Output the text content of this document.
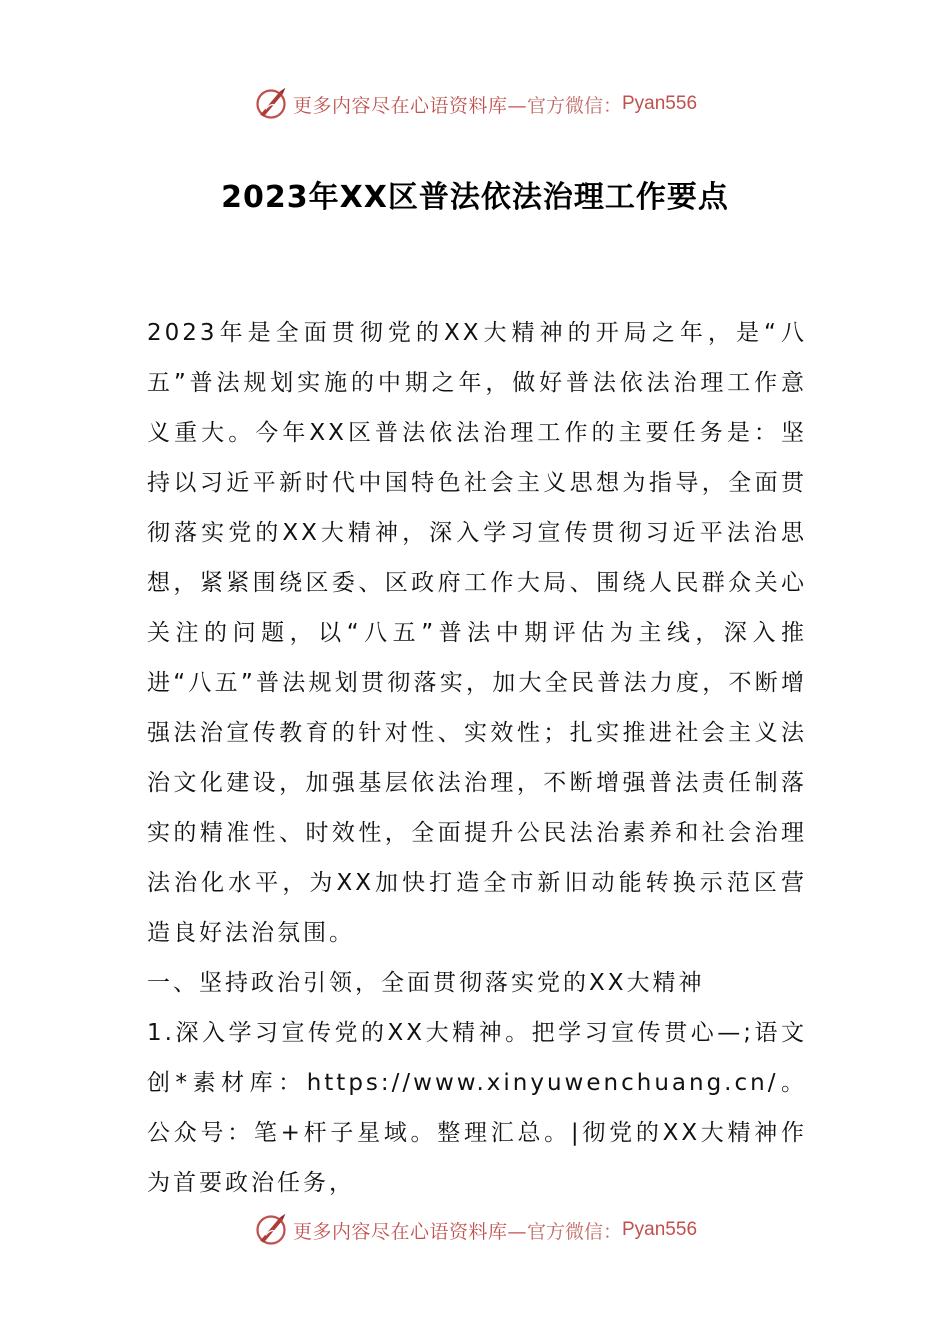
更多内容尽在心语资料库— 官方微信： Pyan556
2023年XX区普法依法治理工作要点

2023年是全面贯彻党的XX大精神的开局之年，是“八五”普法规划实施的中期之年，做好普法依法治理工作意义重大。今年XX区普法依法治理工作的主要任务是：坚持以习近平新时代中国特色社会主义思想为指导，全面贯彻落实党的XX大精神，深入学习宣传贯彻习近平法治思想，紧紧围绕区委、区政府工作大局、围绕人民群众关心关注的问题，以“八五”普法中期评估为主线，深入推进“八五”普法规划贯彻落实，加大全民普法力度，不断增强法治宣传教育的针对性、实效性；扎实推进社会主义法治文化建设，加强基层依法治理，不断增强普法责任制落实的精准性、时效性，全面提升公民法治素养和社会治理法治化水平，为XX加快打造全市新旧动能转换示范区营造良好法治氛围。

一、坚持政治引领，全面贯彻落实党的XX大精神

1.深入学习宣传党的XX大精神。把学习宣传贯心—;语文创*素材库：https://www.xinyuwenchuang.cn/。公众号：笔+杆子星域。整理汇总。|彻党的XX大精神作为首要政治任务，

更多内容尽在心语资料库— 官方微信： Pyan556
